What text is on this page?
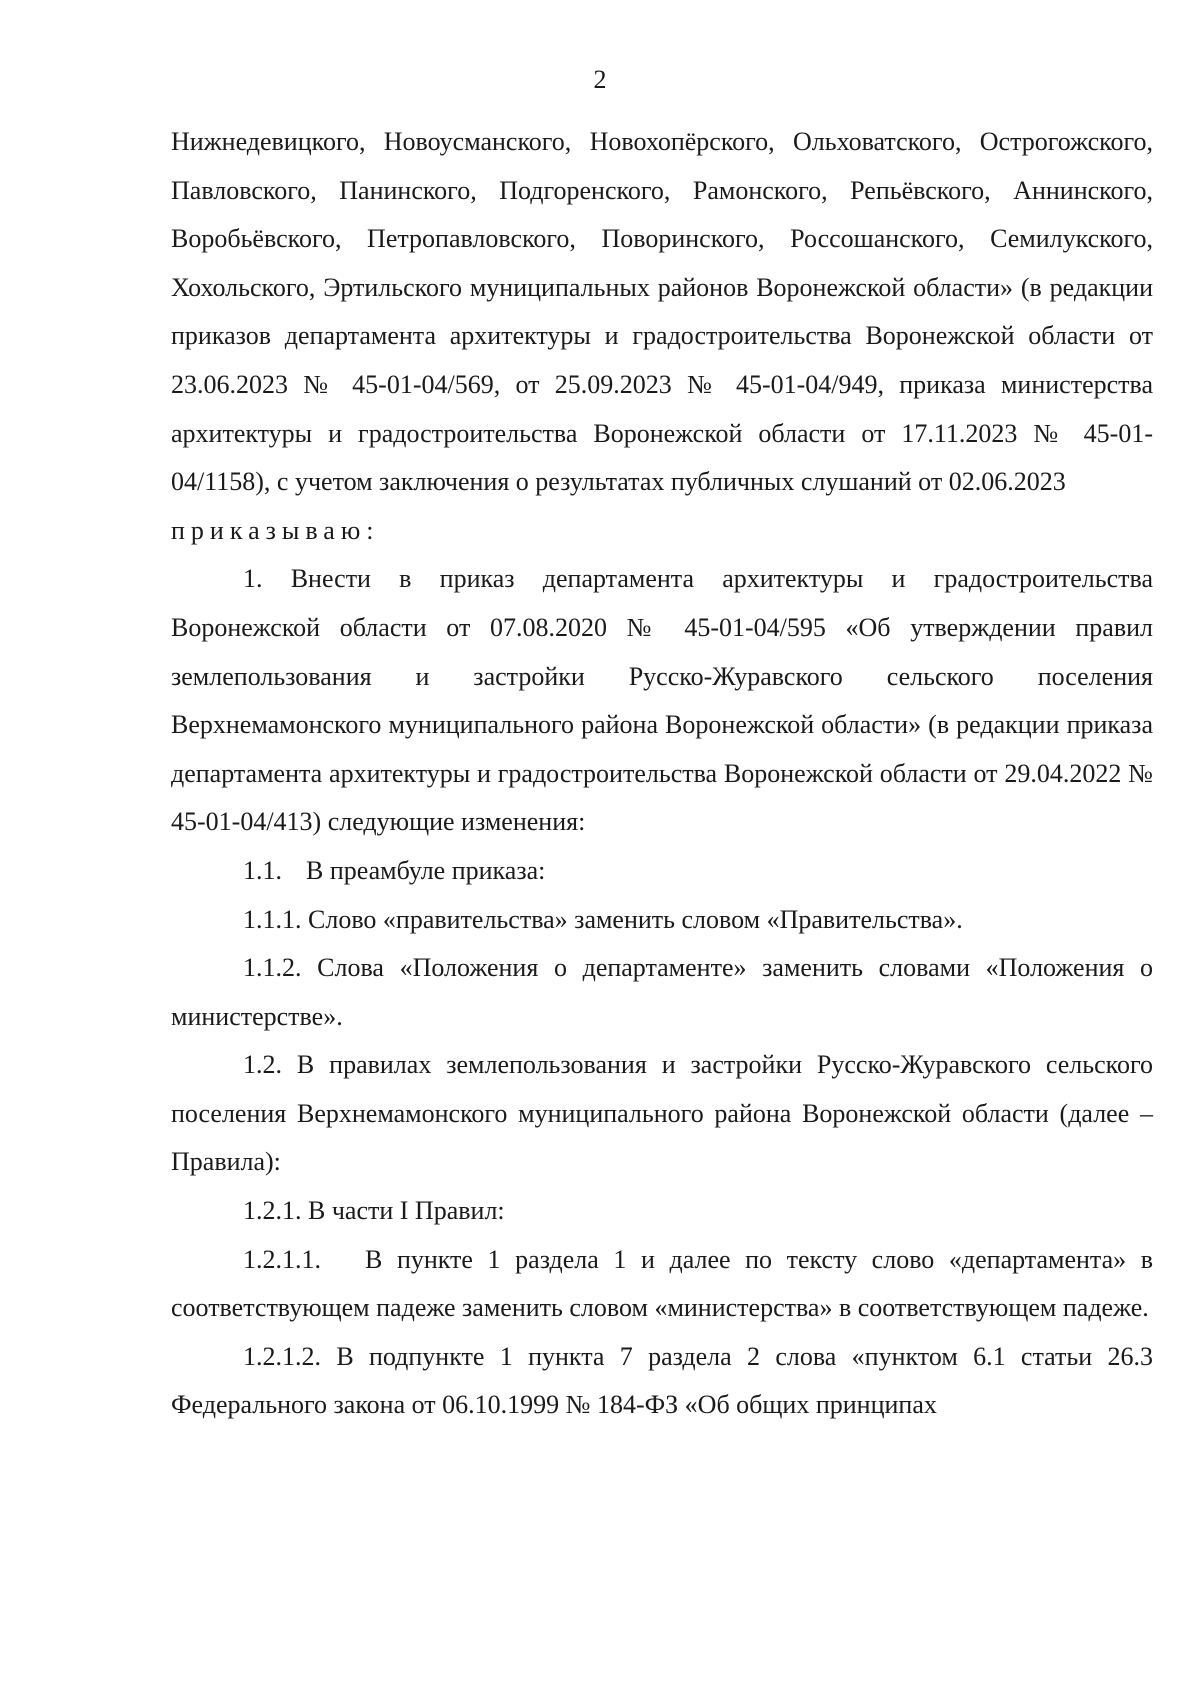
2

Нижнедевицкого, Новоусманского, Новохопёрского, Ольховатского, Острогожского, Павловского, Панинского, Подгоренского, Рамонского, Репьёвского, Аннинского, Воробьёвского, Петропавловского, Поворинского, Россошанского, Семилукского, Хохольского, Эртильского муниципальных районов Воронежской области» (в редакции приказов департамента архитектуры и градостроительства Воронежской области от 23.06.2023 № 45-01-04/569, от 25.09.2023 № 45-01-04/949, приказа министерства архитектуры и градостроительства Воронежской области от 17.11.2023 № 45-01-04/1158), с учетом заключения о результатах публичных слушаний от 02.06.2023

приказываю:

1. Внести в приказ департамента архитектуры и градостроительства Воронежской области от 07.08.2020 № 45-01-04/595 «Об утверждении правил землепользования и застройки Русско-Журавского сельского поселения Верхнемамонского муниципального района Воронежской области» (в редакции приказа департамента архитектуры и градостроительства Воронежской области от 29.04.2022 № 45-01-04/413) следующие изменения:

1.1. В преамбуле приказа:

1.1.1. Слово «правительства» заменить словом «Правительства».

1.1.2. Слова «Положения о департаменте» заменить словами «Положения о министерстве».

1.2. В правилах землепользования и застройки Русско-Журавского сельского поселения Верхнемамонского муниципального района Воронежской области (далее – Правила):

1.2.1. В части I Правил:

1.2.1.1. В пункте 1 раздела 1 и далее по тексту слово «департамента» в соответствующем падеже заменить словом «министерства» в соответствующем падеже.

1.2.1.2. В подпункте 1 пункта 7 раздела 2 слова «пунктом 6.1 статьи 26.3 Федерального закона от 06.10.1999 № 184-ФЗ «Об общих принципах
